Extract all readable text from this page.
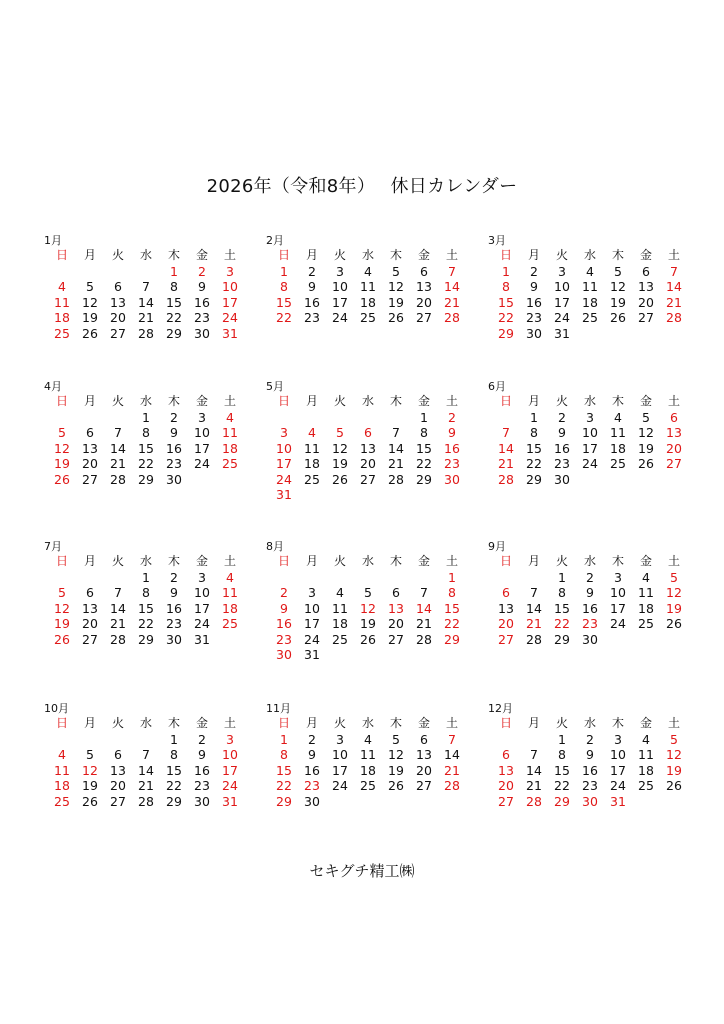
2026年（令和8年）　 休日カレンダー
1月
日	月	火	水	木	金	土
				1	2	3
4	5	6	7	8	9	10
11	12	13	14	15	16	17
18	19	20	21	22	23	24
25	26	27	28	29	30	31
2月
日	月	火	水	木	金	土
1	2	3	4	5	6	7
8	9	10	11	12	13	14
15	16	17	18	19	20	21
22	23	24	25	26	27	28
3月
日	月	火	水	木	金	土
1	2	3	4	5	6	7
8	9	10	11	12	13	14
15	16	17	18	19	20	21
22	23	24	25	26	27	28
29	30	31				
4月
日	月	火	水	木	金	土
			1	2	3	4
5	6	7	8	9	10	11
12	13	14	15	16	17	18
19	20	21	22	23	24	25
26	27	28	29	30		
5月
日	月	火	水	木	金	土
					1	2
3	4	5	6	7	8	9
10	11	12	13	14	15	16
17	18	19	20	21	22	23
24	25	26	27	28	29	30
31						
6月
日	月	火	水	木	金	土
	1	2	3	4	5	6
7	8	9	10	11	12	13
14	15	16	17	18	19	20
21	22	23	24	25	26	27
28	29	30				
7月
日	月	火	水	木	金	土
			1	2	3	4
5	6	7	8	9	10	11
12	13	14	15	16	17	18
19	20	21	22	23	24	25
26	27	28	29	30	31	
8月
日	月	火	水	木	金	土
						1
2	3	4	5	6	7	8
9	10	11	12	13	14	15
16	17	18	19	20	21	22
23	24	25	26	27	28	29
30	31					
9月
日	月	火	水	木	金	土
		1	2	3	4	5
6	7	8	9	10	11	12
13	14	15	16	17	18	19
20	21	22	23	24	25	26
27	28	29	30			
10月
日	月	火	水	木	金	土
				1	2	3
4	5	6	7	8	9	10
11	12	13	14	15	16	17
18	19	20	21	22	23	24
25	26	27	28	29	30	31
11月
日	月	火	水	木	金	土
1	2	3	4	5	6	7
8	9	10	11	12	13	14
15	16	17	18	19	20	21
22	23	24	25	26	27	28
29	30					
12月
日	月	火	水	木	金	土
		1	2	3	4	5
6	7	8	9	10	11	12
13	14	15	16	17	18	19
20	21	22	23	24	25	26
27	28	29	30	31		
セキグチ精工㈱
